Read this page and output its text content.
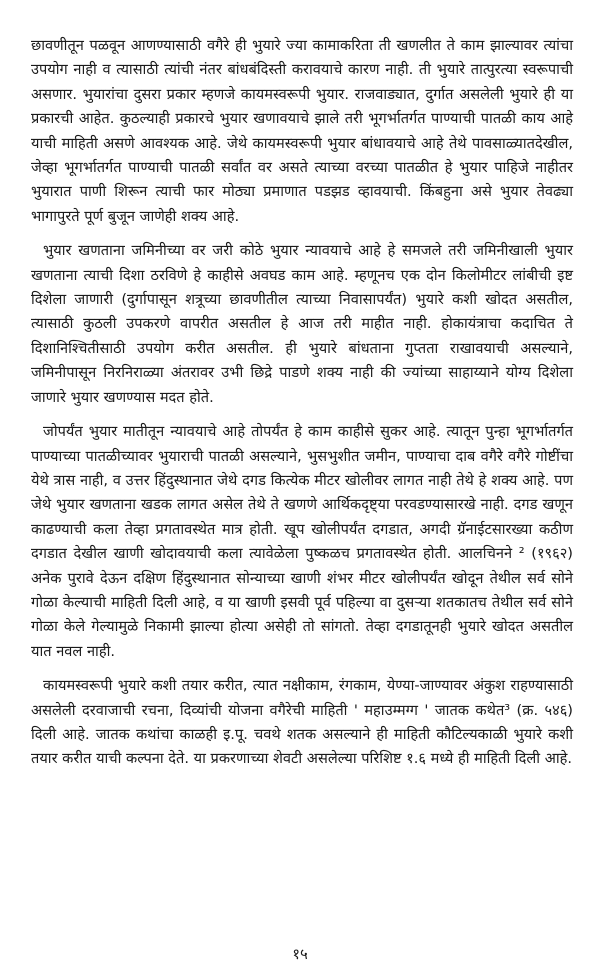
छावणीतून पळवून आणण्यासाठी वगैरे ही भुयारे ज्या कामाकरिता ती खणलीत ते काम झाल्यावर त्यांचा उपयोग नाही व त्यासाठी त्यांची नंतर बांधबंदिस्ती करावयाचे कारण नाही. ती भुयारे तात्पुरत्या स्वरूपाची असणार. भुयारांचा दुसरा प्रकार म्हणजे कायमस्वरूपी भुयार. राजवाड्यात, दुर्गात असलेली भुयारे ही या प्रकारची आहेत. कुठल्याही प्रकारचे भुयार खणावयाचे झाले तरी भूगर्भातर्गत पाण्याची पातळी काय आहे याची माहिती असणे आवश्यक आहे. जेथे कायमस्वरूपी भुयार बांधावयाचे आहे तेथे पावसाळ्यातदेखील, जेव्हा भूगर्भातर्गत पाण्याची पातळी सर्वांत वर असते त्याच्या वरच्या पातळीत हे भुयार पाहिजे नाहीतर भुयारात पाणी शिरून त्याची फार मोठ्या प्रमाणात पडझड व्हावयाची. किंबहुना असे भुयार तेवढ्या भागापुरते पूर्ण बुजून जाणेही शक्य आहे.

भुयार खणताना जमिनीच्या वर जरी कोठे भुयार न्यावयाचे आहे हे समजले तरी जमिनीखाली भुयार खणताना त्याची दिशा ठरविणे हे काहीसे अवघड काम आहे. म्हणूनच एक दोन किलोमीटर लांबीची इष्ट दिशेला जाणारी (दुर्गापासून शत्रूच्या छावणीतील त्याच्या निवासापर्यंत) भुयारे कशी खोदत असतील, त्यासाठी कुठली उपकरणे वापरीत असतील हे आज तरी माहीत नाही. होकायंत्राचा कदाचित ते दिशानिश्चितीसाठी उपयोग करीत असतील. ही भुयारे बांधताना गुप्तता राखावयाची असल्याने, जमिनीपासून निरनिराळ्या अंतरावर उभी छिद्रे पाडणे शक्य नाही की ज्यांच्या साहाय्याने योग्य दिशेला जाणारे भुयार खणण्यास मदत होते.

जोपर्यंत भुयार मातीतून न्यावयाचे आहे तोपर्यंत हे काम काहीसे सुकर आहे. त्यातून पुन्हा भूगर्भातर्गत पाण्याच्या पातळीच्यावर भुयाराची पातळी असल्याने, भुसभुशीत जमीन, पाण्याचा दाब वगैरे वगैरे गोष्टींचा येथे त्रास नाही, व उत्तर हिंदुस्थानात जेथे दगड कित्येक मीटर खोलीवर लागत नाही तेथे हे शक्य आहे. पण जेथे भुयार खणताना खडक लागत असेल तेथे ते खणणे आर्थिकदृष्ट्या परवडण्यासारखे नाही. दगड खणून काढण्याची कला तेव्हा प्रगतावस्थेत मात्र होती. खूप खोलीपर्यंत दगडात, अगदी ग्रॅनाईटसारख्या कठीण दगडात देखील खाणी खोदावयाची कला त्यावेळेला पुष्कळच प्रगतावस्थेत होती. आलचिनने ² (१९६२) अनेक पुरावे देऊन दक्षिण हिंदुस्थानात सोन्याच्या खाणी शंभर मीटर खोलीपर्यंत खोदून तेथील सर्व सोने गोळा केल्याची माहिती दिली आहे, व या खाणी इसवी पूर्व पहिल्या वा दुसऱ्या शतकातच तेथील सर्व सोने गोळा केले गेल्यामुळे निकामी झाल्या होत्या असेही तो सांगतो. तेव्हा दगडातूनही भुयारे खोदत असतील यात नवल नाही.

कायमस्वरूपी भुयारे कशी तयार करीत, त्यात नक्षीकाम, रंगकाम, येण्या-जाण्यावर अंकुश राहण्यासाठी असलेली दरवाजाची रचना, दिव्यांची योजना वगैरेची माहिती ' महाउम्मग्ग ' जातक कथेत³ (क्र. ५४६) दिली आहे. जातक कथांचा काळही इ.पू. चवथे शतक असल्याने ही माहिती कौटिल्यकाळी भुयारे कशी तयार करीत याची कल्पना देते. या प्रकरणाच्या शेवटी असलेल्या परिशिष्ट १.६ मध्ये ही माहिती दिली आहे.

१५
